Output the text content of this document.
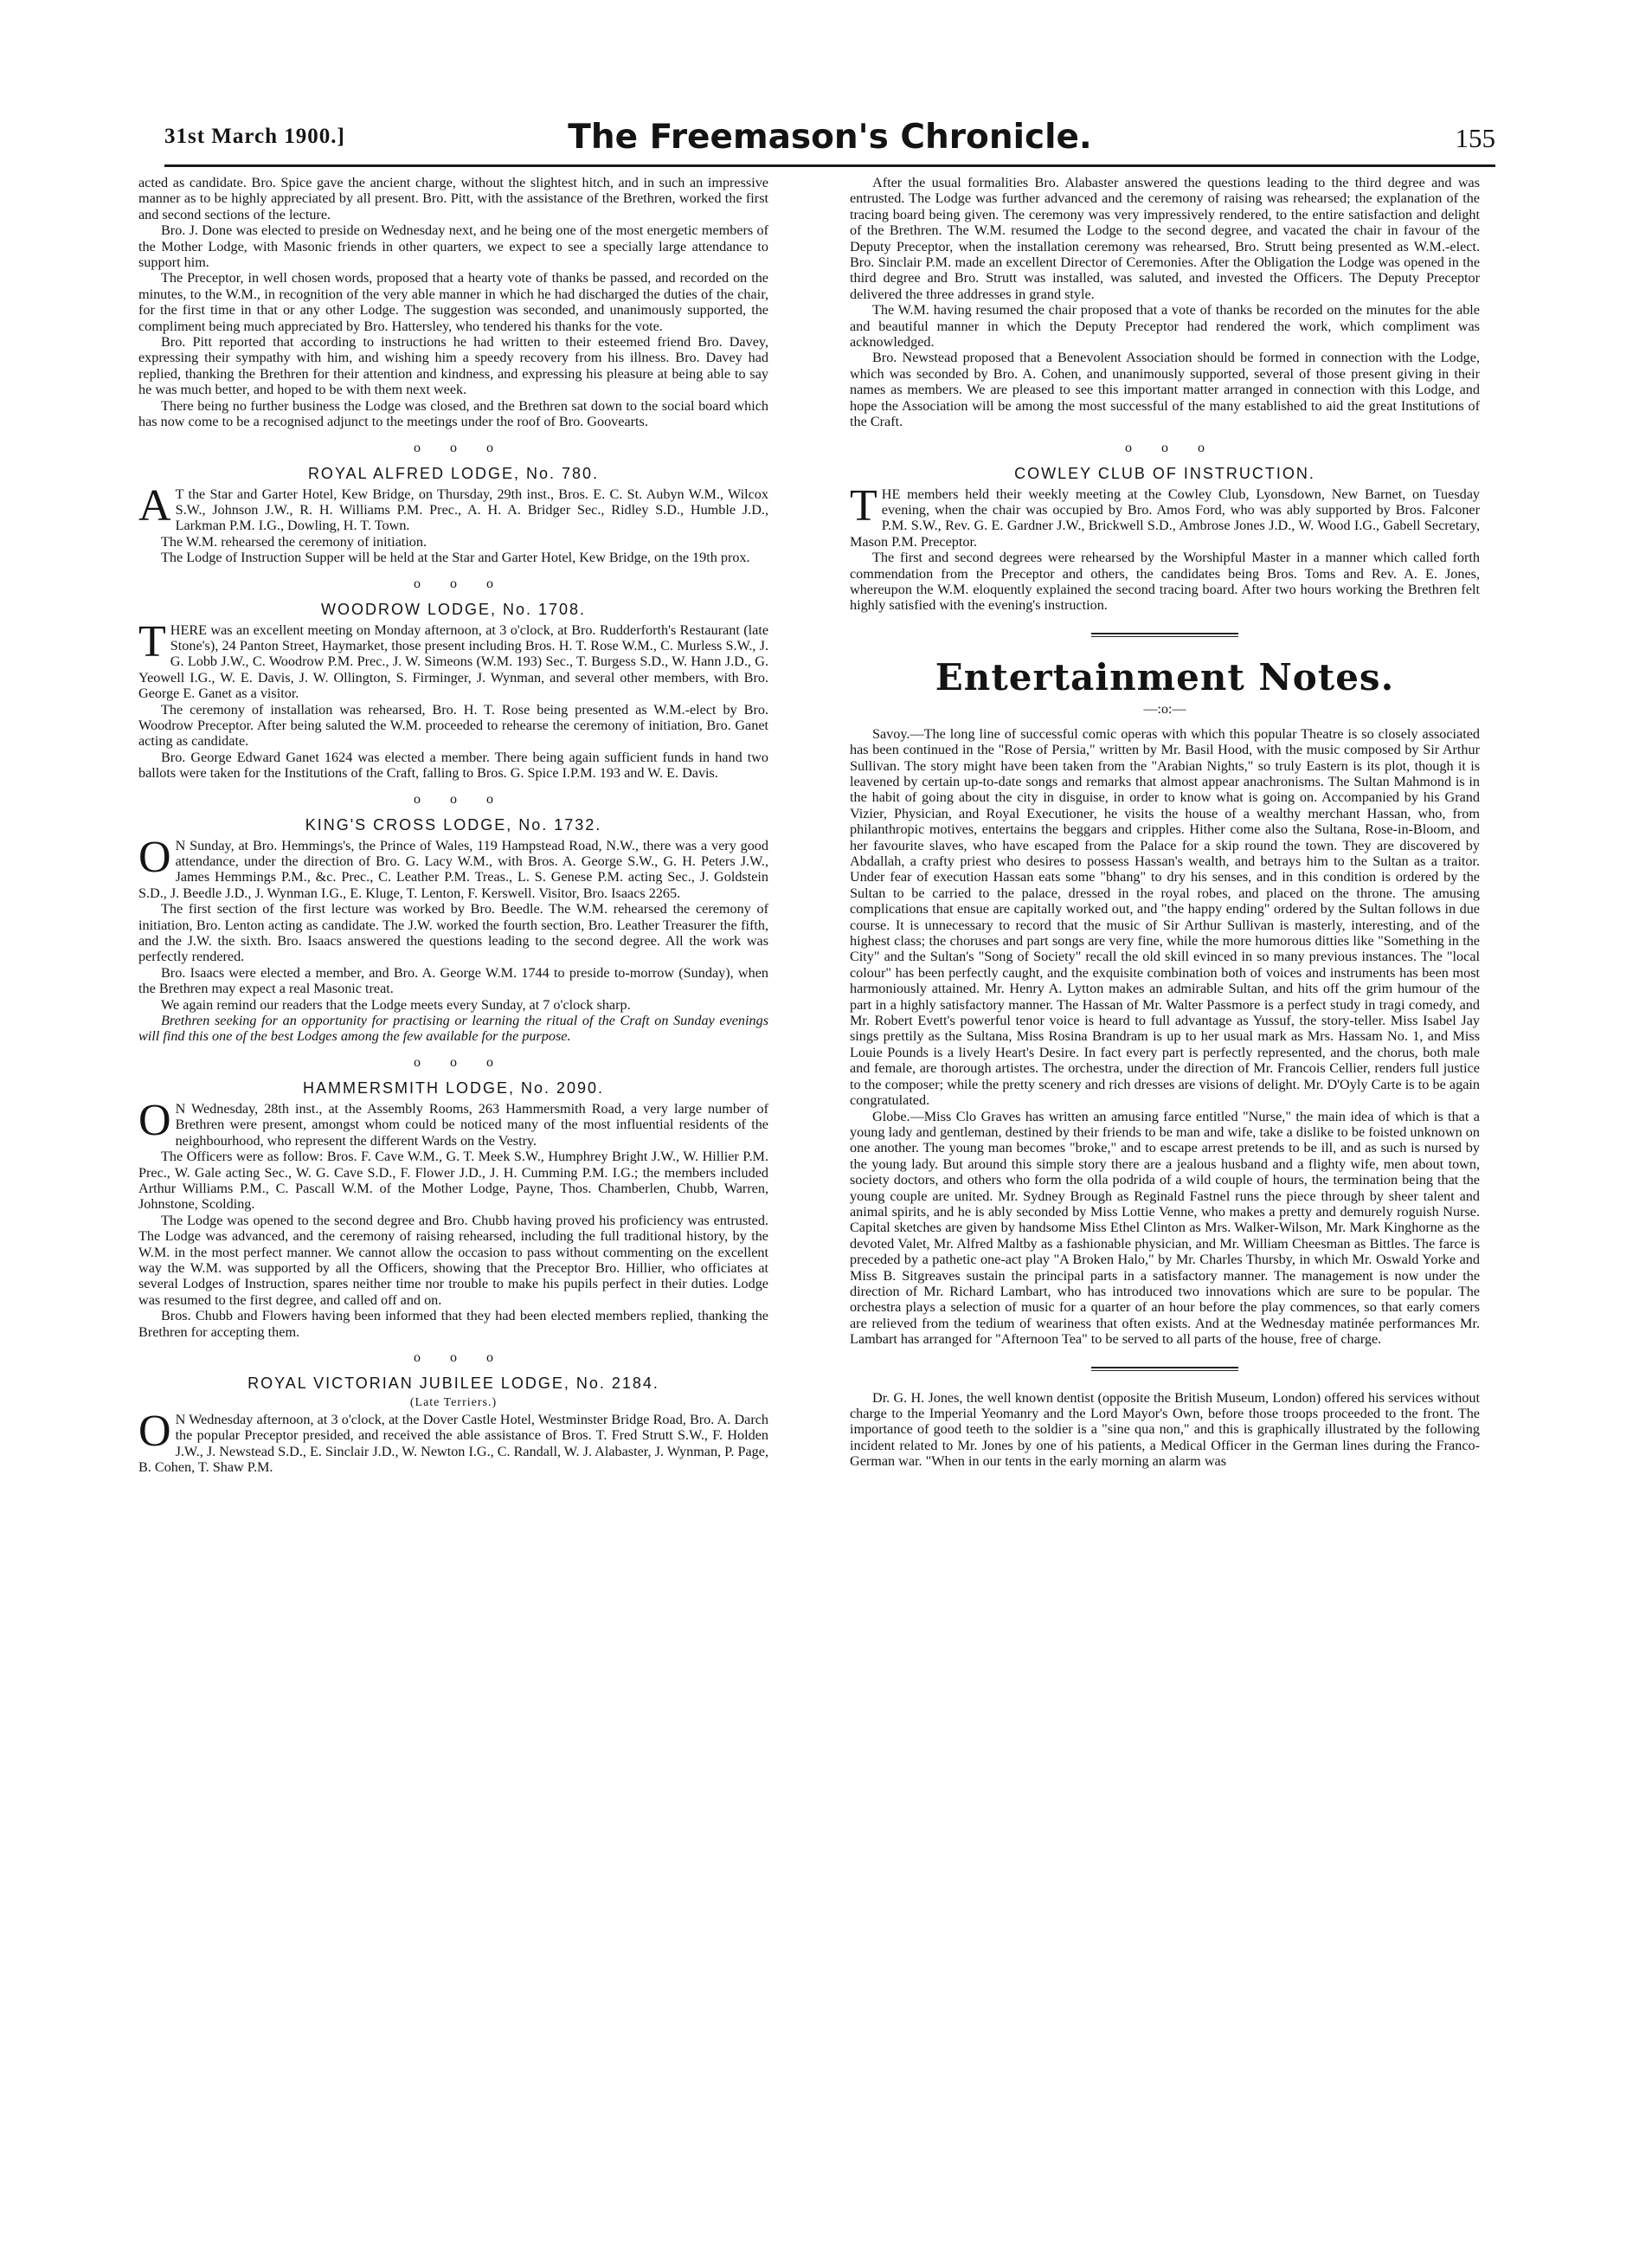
31st March 1900.]	The Freemason's Chronicle.	155

acted as candidate. Bro. Spice gave the ancient charge, without the slightest hitch, and in such an impressive manner as to be highly appreciated by all present. Bro. Pitt, with the assistance of the Brethren, worked the first and second sections of the lecture.

Bro. J. Done was elected to preside on Wednesday next, and he being one of the most energetic members of the Mother Lodge, with Masonic friends in other quarters, we expect to see a specially large attendance to support him.

The Preceptor, in well chosen words, proposed that a hearty vote of thanks be passed, and recorded on the minutes, to the W.M., in recognition of the very able manner in which he had discharged the duties of the chair, for the first time in that or any other Lodge. The suggestion was seconded, and unanimously supported, the compliment being much appreciated by Bro. Hattersley, who tendered his thanks for the vote.

Bro. Pitt reported that according to instructions he had written to their esteemed friend Bro. Davey, expressing their sympathy with him, and wishing him a speedy recovery from his illness. Bro. Davey had replied, thanking the Brethren for their attention and kindness, and expressing his pleasure at being able to say he was much better, and hoped to be with them next week.

There being no further business the Lodge was closed, and the Brethren sat down to the social board which has now come to be a recognised adjunct to the meetings under the roof of Bro. Goovearts.

o o o
ROYAL ALFRED LODGE, No. 780.

A T the Star and Garter Hotel, Kew Bridge, on Thursday, 29th inst., Bros. E. C. St. Aubyn W.M., Wilcox S.W., Johnson J.W., R. H. Williams P.M. Prec., A. H. A. Bridger Sec., Ridley S.D., Humble J.D., Larkman P.M. I.G., Dowling, H. T. Town.

The W.M. rehearsed the ceremony of initiation.

The Lodge of Instruction Supper will be held at the Star and Garter Hotel, Kew Bridge, on the 19th prox.

o o o
WOODROW LODGE, No. 1708.

THERE was an excellent meeting on Monday afternoon, at 3 o'clock, at Bro. Rudderforth's Restaurant (late Stone's), 24 Panton Street, Haymarket, those present including Bros. H. T. Rose W.M., C. Murless S.W., J. G. Lobb J.W., C. Woodrow P.M. Prec., J. W. Simeons (W.M. 193) Sec., T. Burgess S.D., W. Hann J.D., G. Yeowell I.G., W. E. Davis, J. W. Ollington, S. Firminger, J. Wynman, and several other members, with Bro. George E. Ganet as a visitor.

The ceremony of installation was rehearsed, Bro. H. T. Rose being presented as W.M.-elect by Bro. Woodrow Preceptor. After being saluted the W.M. proceeded to rehearse the ceremony of initiation, Bro. Ganet acting as candidate.

Bro. George Edward Ganet 1624 was elected a member. There being again sufficient funds in hand two ballots were taken for the Institutions of the Craft, falling to Bros. G. Spice I.P.M. 193 and W. E. Davis.

o o o
KING'S CROSS LODGE, No. 1732.

O N Sunday, at Bro. Hemmings's, the Prince of Wales, 119 Hampstead Road, N.W., there was a very good attendance, under the direction of Bro. G. Lacy W.M., with Bros. A. George S.W., G. H. Peters J.W., James Hemmings P.M., &c. Prec., C. Leather P.M. Treas., L. S. Genese P.M. acting Sec., J. Goldstein S.D., J. Beedle J.D., J. Wynman I.G., E. Kluge, T. Lenton, F. Kerswell. Visitor, Bro. Isaacs 2265.

The first section of the first lecture was worked by Bro. Beedle. The W.M. rehearsed the ceremony of initiation, Bro. Lenton acting as candidate. The J.W. worked the fourth section, Bro. Leather Treasurer the fifth, and the J.W. the sixth. Bro. Isaacs answered the questions leading to the second degree. All the work was perfectly rendered.

Bro. Isaacs were elected a member, and Bro. A. George W.M. 1744 to preside to-morrow (Sunday), when the Brethren may expect a real Masonic treat.

We again remind our readers that the Lodge meets every Sunday, at 7 o'clock sharp.

Brethren seeking for an opportunity for practising or learning the ritual of the Craft on Sunday evenings will find this one of the best Lodges among the few available for the purpose.

o o o
HAMMERSMITH LODGE, No. 2090.

O N Wednesday, 28th inst., at the Assembly Rooms, 263 Hammersmith Road, a very large number of Brethren were present, amongst whom could be noticed many of the most influential residents of the neighbourhood, who represent the different Wards on the Vestry.

The Officers were as follow: Bros. F. Cave W.M., G. T. Meek S.W., Humphrey Bright J.W., W. Hillier P.M. Prec., W. Gale acting Sec., W. G. Cave S.D., F. Flower J.D., J. H. Cumming P.M. I.G.; the members included Arthur Williams P.M., C. Pascall W.M. of the Mother Lodge, Payne, Thos. Chamberlen, Chubb, Warren, Johnstone, Scolding.

The Lodge was opened to the second degree and Bro. Chubb having proved his proficiency was entrusted. The Lodge was advanced, and the ceremony of raising rehearsed, including the full traditional history, by the W.M. in the most perfect manner. We cannot allow the occasion to pass without commenting on the excellent way the W.M. was supported by all the Officers, showing that the Preceptor Bro. Hillier, who officiates at several Lodges of Instruction, spares neither time nor trouble to make his pupils perfect in their duties. Lodge was resumed to the first degree, and called off and on.

Bros. Chubb and Flowers having been informed that they had been elected members replied, thanking the Brethren for accepting them.

o o o
ROYAL VICTORIAN JUBILEE LODGE, No. 2184.
(Late Terriers.)

O N Wednesday afternoon, at 3 o'clock, at the Dover Castle Hotel, Westminster Bridge Road, Bro. A. Darch the popular Preceptor presided, and received the able assistance of Bros. T. Fred Strutt S.W., F. Holden J.W., J. Newstead S.D., E. Sinclair J.D., W. Newton I.G., C. Randall, W. J. Alabaster, J. Wynman, P. Page, B. Cohen, T. Shaw P.M.

After the usual formalities Bro. Alabaster answered the questions leading to the third degree and was entrusted. The Lodge was further advanced and the ceremony of raising was rehearsed; the explanation of the tracing board being given. The ceremony was very impressively rendered, to the entire satisfaction and delight of the Brethren. The W.M. resumed the Lodge to the second degree, and vacated the chair in favour of the Deputy Preceptor, when the installation ceremony was rehearsed, Bro. Strutt being presented as W.M.-elect. Bro. Sinclair P.M. made an excellent Director of Ceremonies. After the Obligation the Lodge was opened in the third degree and Bro. Strutt was installed, was saluted, and invested the Officers. The Deputy Preceptor delivered the three addresses in grand style.

The W.M. having resumed the chair proposed that a vote of thanks be recorded on the minutes for the able and beautiful manner in which the Deputy Preceptor had rendered the work, which compliment was acknowledged.

Bro. Newstead proposed that a Benevolent Association should be formed in connection with the Lodge, which was seconded by Bro. A. Cohen, and unanimously supported, several of those present giving in their names as members. We are pleased to see this important matter arranged in connection with this Lodge, and hope the Association will be among the most successful of the many established to aid the great Institutions of the Craft.

o o o
COWLEY CLUB OF INSTRUCTION.

THE members held their weekly meeting at the Cowley Club, Lyonsdown, New Barnet, on Tuesday evening, when the chair was occupied by Bro. Amos Ford, who was ably supported by Bros. Falconer P.M. S.W., Rev. G. E. Gardner J.W., Brickwell S.D., Ambrose Jones J.D., W. Wood I.G., Gabell Secretary, Mason P.M. Preceptor.

The first and second degrees were rehearsed by the Worshipful Master in a manner which called forth commendation from the Preceptor and others, the candidates being Bros. Toms and Rev. A. E. Jones, whereupon the W.M. eloquently explained the second tracing board. After two hours working the Brethren felt highly satisfied with the evening's instruction.

Entertainment Notes.
—:o:—

Savoy.—The long line of successful comic operas with which this popular Theatre is so closely associated has been continued in the "Rose of Persia," written by Mr. Basil Hood, with the music composed by Sir Arthur Sullivan. The story might have been taken from the "Arabian Nights," so truly Eastern is its plot, though it is leavened by certain up-to-date songs and remarks that almost appear anachronisms. The Sultan Mahmond is in the habit of going about the city in disguise, in order to know what is going on. Accompanied by his Grand Vizier, Physician, and Royal Executioner, he visits the house of a wealthy merchant Hassan, who, from philanthropic motives, entertains the beggars and cripples. Hither come also the Sultana, Rose-in-Bloom, and her favourite slaves, who have escaped from the Palace for a skip round the town. They are discovered by Abdallah, a crafty priest who desires to possess Hassan's wealth, and betrays him to the Sultan as a traitor. Under fear of execution Hassan eats some "bhang" to dry his senses, and in this condition is ordered by the Sultan to be carried to the palace, dressed in the royal robes, and placed on the throne. The amusing complications that ensue are capitally worked out, and "the happy ending" ordered by the Sultan follows in due course. It is unnecessary to record that the music of Sir Arthur Sullivan is masterly, interesting, and of the highest class; the choruses and part songs are very fine, while the more humorous ditties like "Something in the City" and the Sultan's "Song of Society" recall the old skill evinced in so many previous instances. The "local colour" has been perfectly caught, and the exquisite combination both of voices and instruments has been most harmoniously attained. Mr. Henry A. Lytton makes an admirable Sultan, and hits off the grim humour of the part in a highly satisfactory manner. The Hassan of Mr. Walter Passmore is a perfect study in tragi comedy, and Mr. Robert Evett's powerful tenor voice is heard to full advantage as Yussuf, the story-teller. Miss Isabel Jay sings prettily as the Sultana, Miss Rosina Brandram is up to her usual mark as Mrs. Hassam No. 1, and Miss Louie Pounds is a lively Heart's Desire. In fact every part is perfectly represented, and the chorus, both male and female, are thorough artistes. The orchestra, under the direction of Mr. Francois Cellier, renders full justice to the composer; while the pretty scenery and rich dresses are visions of delight. Mr. D'Oyly Carte is to be again congratulated.

Globe.—Miss Clo Graves has written an amusing farce entitled "Nurse," the main idea of which is that a young lady and gentleman, destined by their friends to be man and wife, take a dislike to be foisted unknown on one another. The young man becomes "broke," and to escape arrest pretends to be ill, and as such is nursed by the young lady. But around this simple story there are a jealous husband and a flighty wife, men about town, society doctors, and others who form the olla podrida of a wild couple of hours, the termination being that the young couple are united. Mr. Sydney Brough as Reginald Fastnel runs the piece through by sheer talent and animal spirits, and he is ably seconded by Miss Lottie Venne, who makes a pretty and demurely roguish Nurse. Capital sketches are given by handsome Miss Ethel Clinton as Mrs. Walker-Wilson, Mr. Mark Kinghorne as the devoted Valet, Mr. Alfred Maltby as a fashionable physician, and Mr. William Cheesman as Bittles. The farce is preceded by a pathetic one-act play "A Broken Halo," by Mr. Charles Thursby, in which Mr. Oswald Yorke and Miss B. Sitgreaves sustain the principal parts in a satisfactory manner. The management is now under the direction of Mr. Richard Lambart, who has introduced two innovations which are sure to be popular. The orchestra plays a selection of music for a quarter of an hour before the play commences, so that early comers are relieved from the tedium of weariness that often exists. And at the Wednesday matinée performances Mr. Lambart has arranged for "Afternoon Tea" to be served to all parts of the house, free of charge.

Dr. G. H. Jones, the well known dentist (opposite the British Museum, London) offered his services without charge to the Imperial Yeomanry and the Lord Mayor's Own, before those troops proceeded to the front. The importance of good teeth to the soldier is a "sine qua non," and this is graphically illustrated by the following incident related to Mr. Jones by one of his patients, a Medical Officer in the German lines during the Franco-German war. "When in our tents in the early morning an alarm was
